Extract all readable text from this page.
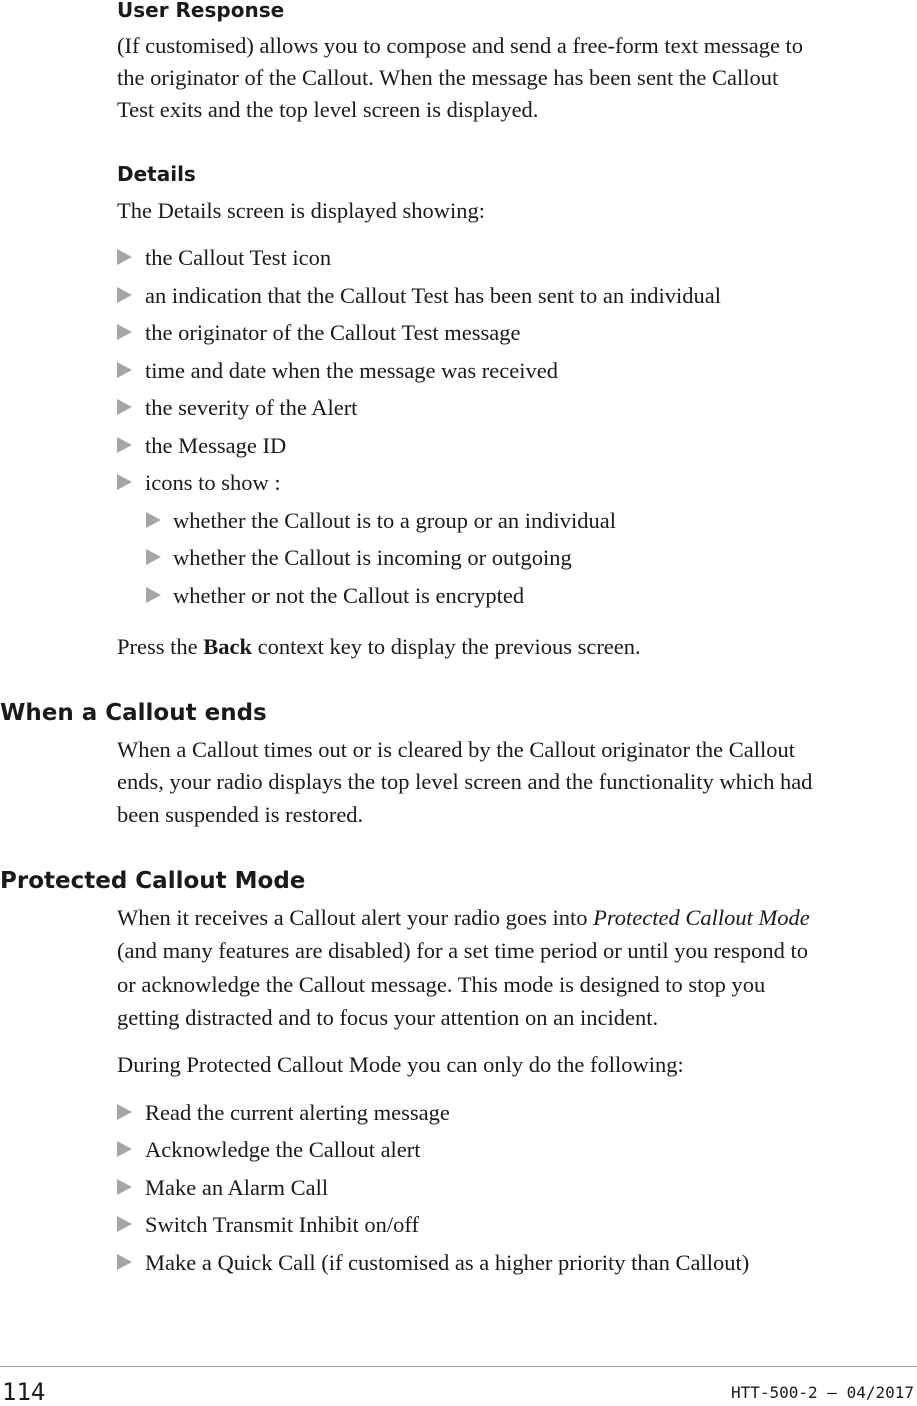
User Response
(If customised) allows you to compose and send a free-form text message to
the originator of the Callout. When the message has been sent the Callout
Test exits and the top level screen is displayed.
Details
The Details screen is displayed showing:
the Callout Test icon
an indication that the Callout Test has been sent to an individual
the originator of the Callout Test message
time and date when the message was received
the severity of the Alert
the Message ID
icons to show :
whether the Callout is to a group or an individual
whether the Callout is incoming or outgoing
whether or not the Callout is encrypted
Press the Back context key to display the previous screen.
When a Callout ends
When a Callout times out or is cleared by the Callout originator the Callout
ends, your radio displays the top level screen and the functionality which had
been suspended is restored.
Protected Callout Mode
When it receives a Callout alert your radio goes into Protected Callout Mode
(and many features are disabled) for a set time period or until you respond to
or acknowledge the Callout message. This mode is designed to stop you
getting distracted and to focus your attention on an incident.
During Protected Callout Mode you can only do the following:
Read the current alerting message
Acknowledge the Callout alert
Make an Alarm Call
Switch Transmit Inhibit on/off
Make a Quick Call (if customised as a higher priority than Callout)
114	HTT-500-2 – 04/2017
